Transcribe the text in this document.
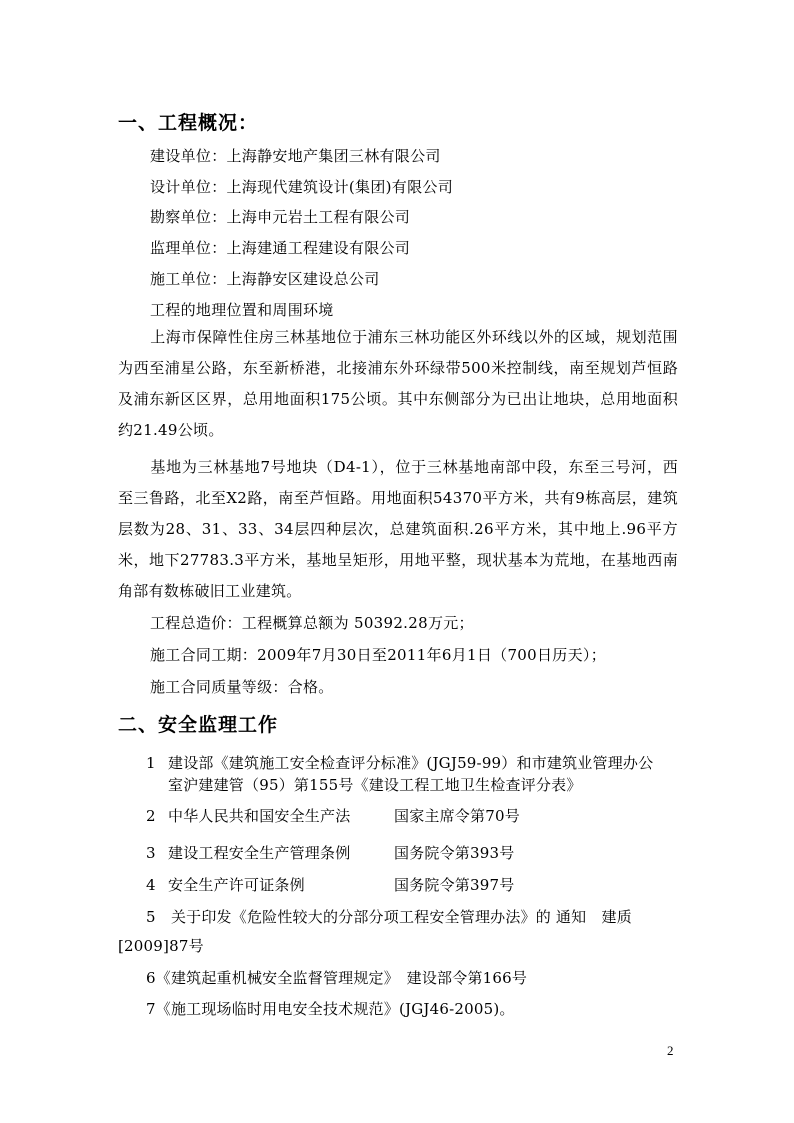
一、工程概况：
建设单位：上海静安地产集团三林有限公司
设计单位：上海现代建筑设计(集团)有限公司
勘察单位：上海申元岩土工程有限公司
监理单位：上海建通工程建设有限公司
施工单位：上海静安区建设总公司
工程的地理位置和周围环境
上海市保障性住房三林基地位于浦东三林功能区外环线以外的区域，规划范围为西至浦星公路，东至新桥港，北接浦东外环绿带500米控制线，南至规划芦恒路及浦东新区区界，总用地面积175公顷。其中东侧部分为已出让地块，总用地面积约21.49公顷。
基地为三林基地7号地块（D4-1），位于三林基地南部中段，东至三号河，西至三鲁路，北至X2路，南至芦恒路。用地面积54370平方米，共有9栋高层，建筑层数为28、31、33、34层四种层次，总建筑面积.26平方米，其中地上.96平方米，地下27783.3平方米，基地呈矩形，用地平整，现状基本为荒地，在基地西南角部有数栋破旧工业建筑。
工程总造价：工程概算总额为 50392.28万元；
施工合同工期：2009年7月30日至2011年6月1日（700日历天）；
施工合同质量等级：合格。
二、安全监理工作
1 建设部《建筑施工安全检查评分标准》(JGJ59-99）和市建筑业管理办公
室沪建建管（95）第155号《建设工程工地卫生检查评分表》
2 中华人民共和国安全生产法	国家主席令第70号
3 建设工程安全生产管理条例	国务院令第393号
4 安全生产许可证条例	国务院令第397号
5　关于印发《危险性较大的分部分项工程安全管理办法》的 通知　建质
[2009]87号
6《建筑起重机械安全监督管理规定》　建设部令第166号
7《施工现场临时用电安全技术规范》(JGJ46-2005)。
2
